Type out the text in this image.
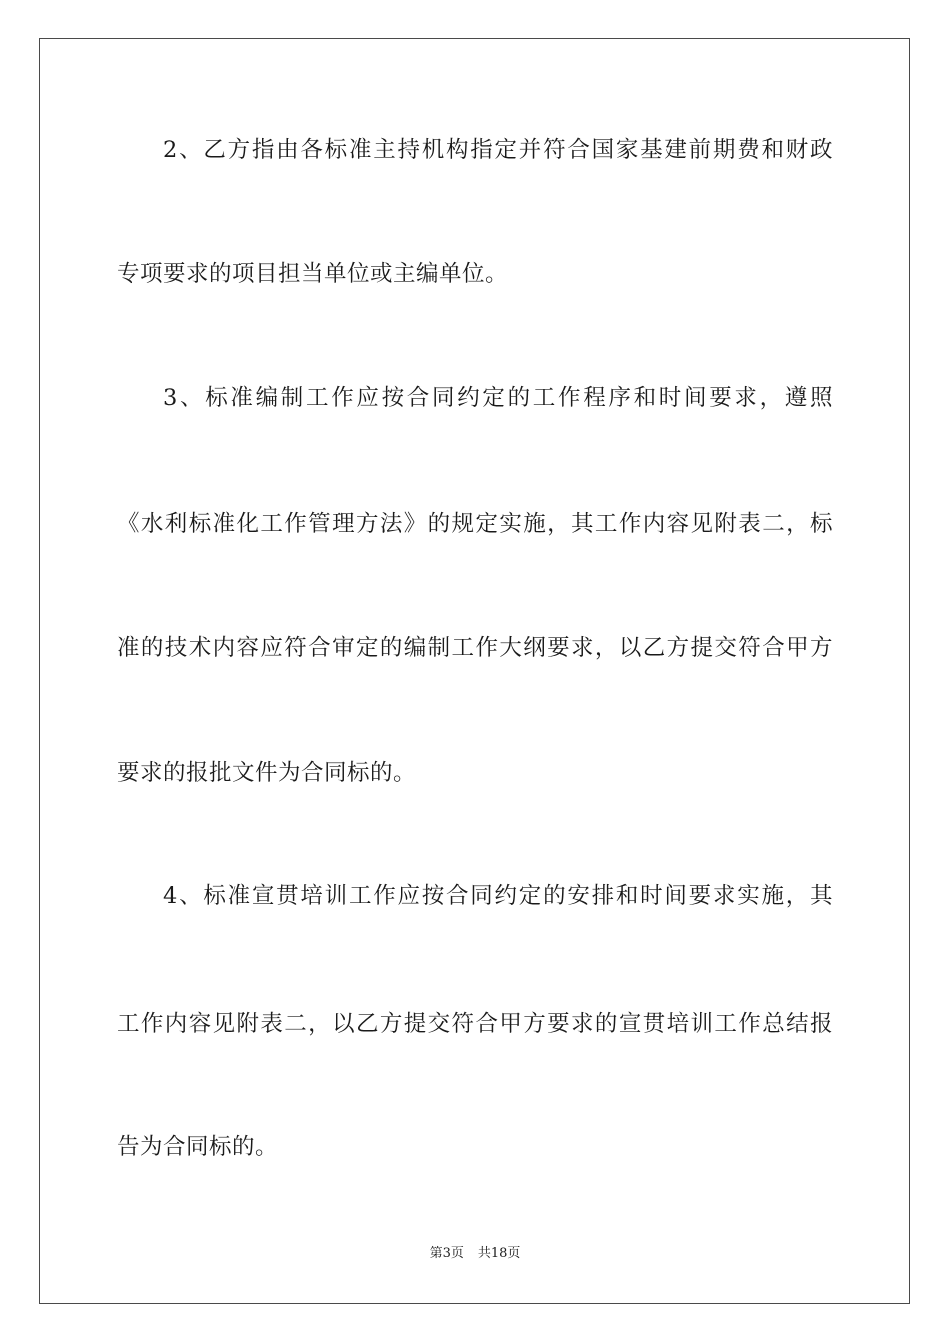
2、乙方指由各标准主持机构指定并符合国家基建前期费和财政
专项要求的项目担当单位或主编单位。
3、标准编制工作应按合同约定的工作程序和时间要求，遵照
《水利标准化工作管理方法》的规定实施，其工作内容见附表二，标
准的技术内容应符合审定的编制工作大纲要求，以乙方提交符合甲方
要求的报批文件为合同标的。
4、标准宣贯培训工作应按合同约定的安排和时间要求实施，其
工作内容见附表二，以乙方提交符合甲方要求的宣贯培训工作总结报
告为合同标的。
第3页 共18页
